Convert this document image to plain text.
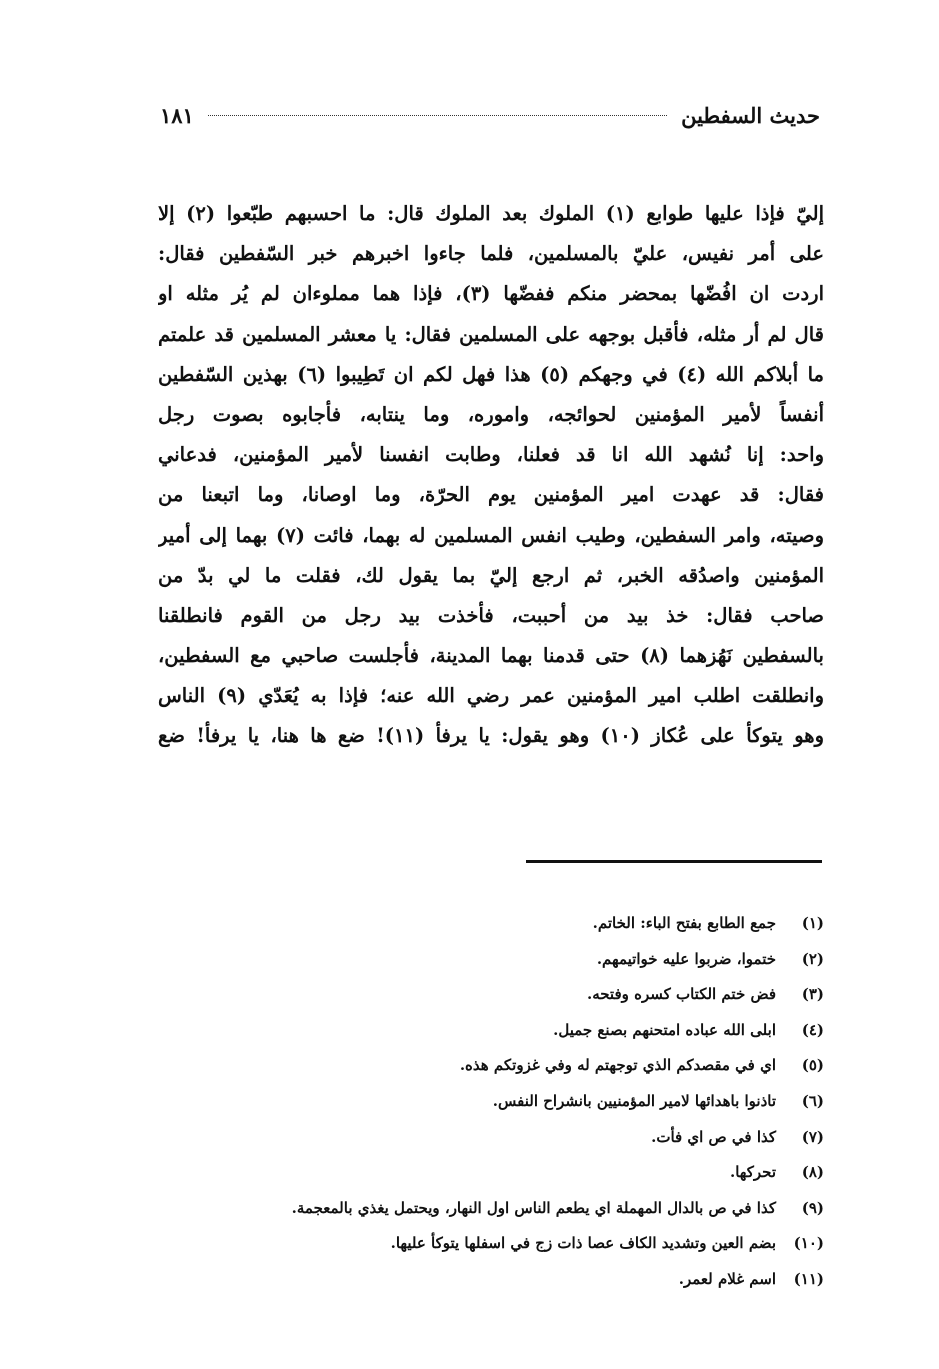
حديث السفطين
١٨١
إليّ فإذا عليها طوابع (١) الملوك بعد الملوك قال: ما احسبهم طبّعوا (٢) إلا
على أمر نفيس، عليّ بالمسلمين، فلما جاءوا اخبرهم خبر السّفطين فقال:
اردت ان افُضّها بمحضر منكم ففضّها (٣)، فإذا هما مملوءان لم يُر مثله او
قال لم أر مثله، فأقبل بوجهه على المسلمين فقال: يا معشر المسلمين قد علمتم
ما أبلاكم الله (٤) في وجهكم (٥) هذا فهل لكم ان تَطِيبوا (٦) بهذين السّفطين
أنفساً لأمير المؤمنين لحوائجه، واموره، وما ينتابه، فأجابوه بصوت رجل
واحد: إنا نُشهد الله انا قد فعلنا، وطابت انفسنا لأمير المؤمنين، فدعاني
فقال: قد عهدت امير المؤمنين يوم الحرّة، وما اوصانا، وما اتبعنا من
وصيته، وامر السفطين، وطيب انفس المسلمين له بهما، فائت (٧) بهما إلى أمير
المؤمنين واصدُقه الخبر، ثم ارجع إليّ بما يقول لك، فقلت ما لي بدّ من
صاحب فقال: خذ بيد من أحببت، فأخذت بيد رجل من القوم فانطلقنا
بالسفطين نَهُزهما (٨) حتى قدمنا بهما المدينة، فأجلست صاحبي مع السفطين،
وانطلقت اطلب امير المؤمنين عمر رضي الله عنه؛ فإذا به يُعَدّي (٩) الناس
وهو يتوكأ على عُكاز (١٠) وهو يقول: يا يرفأ (١١)! ضع ها هنا، يا يرفأ! ضع
(١)
جمع الطابع بفتح الباء: الخاتم.
(٢)
ختموا، ضربوا عليه خواتيمهم.
(٣)
فض ختم الكتاب كسره وفتحه.
(٤)
ابلى الله عباده امتحنهم بصنع جميل.
(٥)
اي في مقصدكم الذي توجهتم له وفي غزوتكم هذه.
(٦)
تاذنوا باهدائها لامير المؤمنيين بانشراح النفس.
(٧)
كذا في ص اي فأت.
(٨)
تحركها.
(٩)
كذا في ص بالدال المهملة اي يطعم الناس اول النهار، ويحتمل يغذي بالمعجمة.
(١٠)
بضم العين وتشديد الكاف عصا ذات زج في اسفلها يتوكأ عليها.
(١١)
اسم غلام لعمر.
